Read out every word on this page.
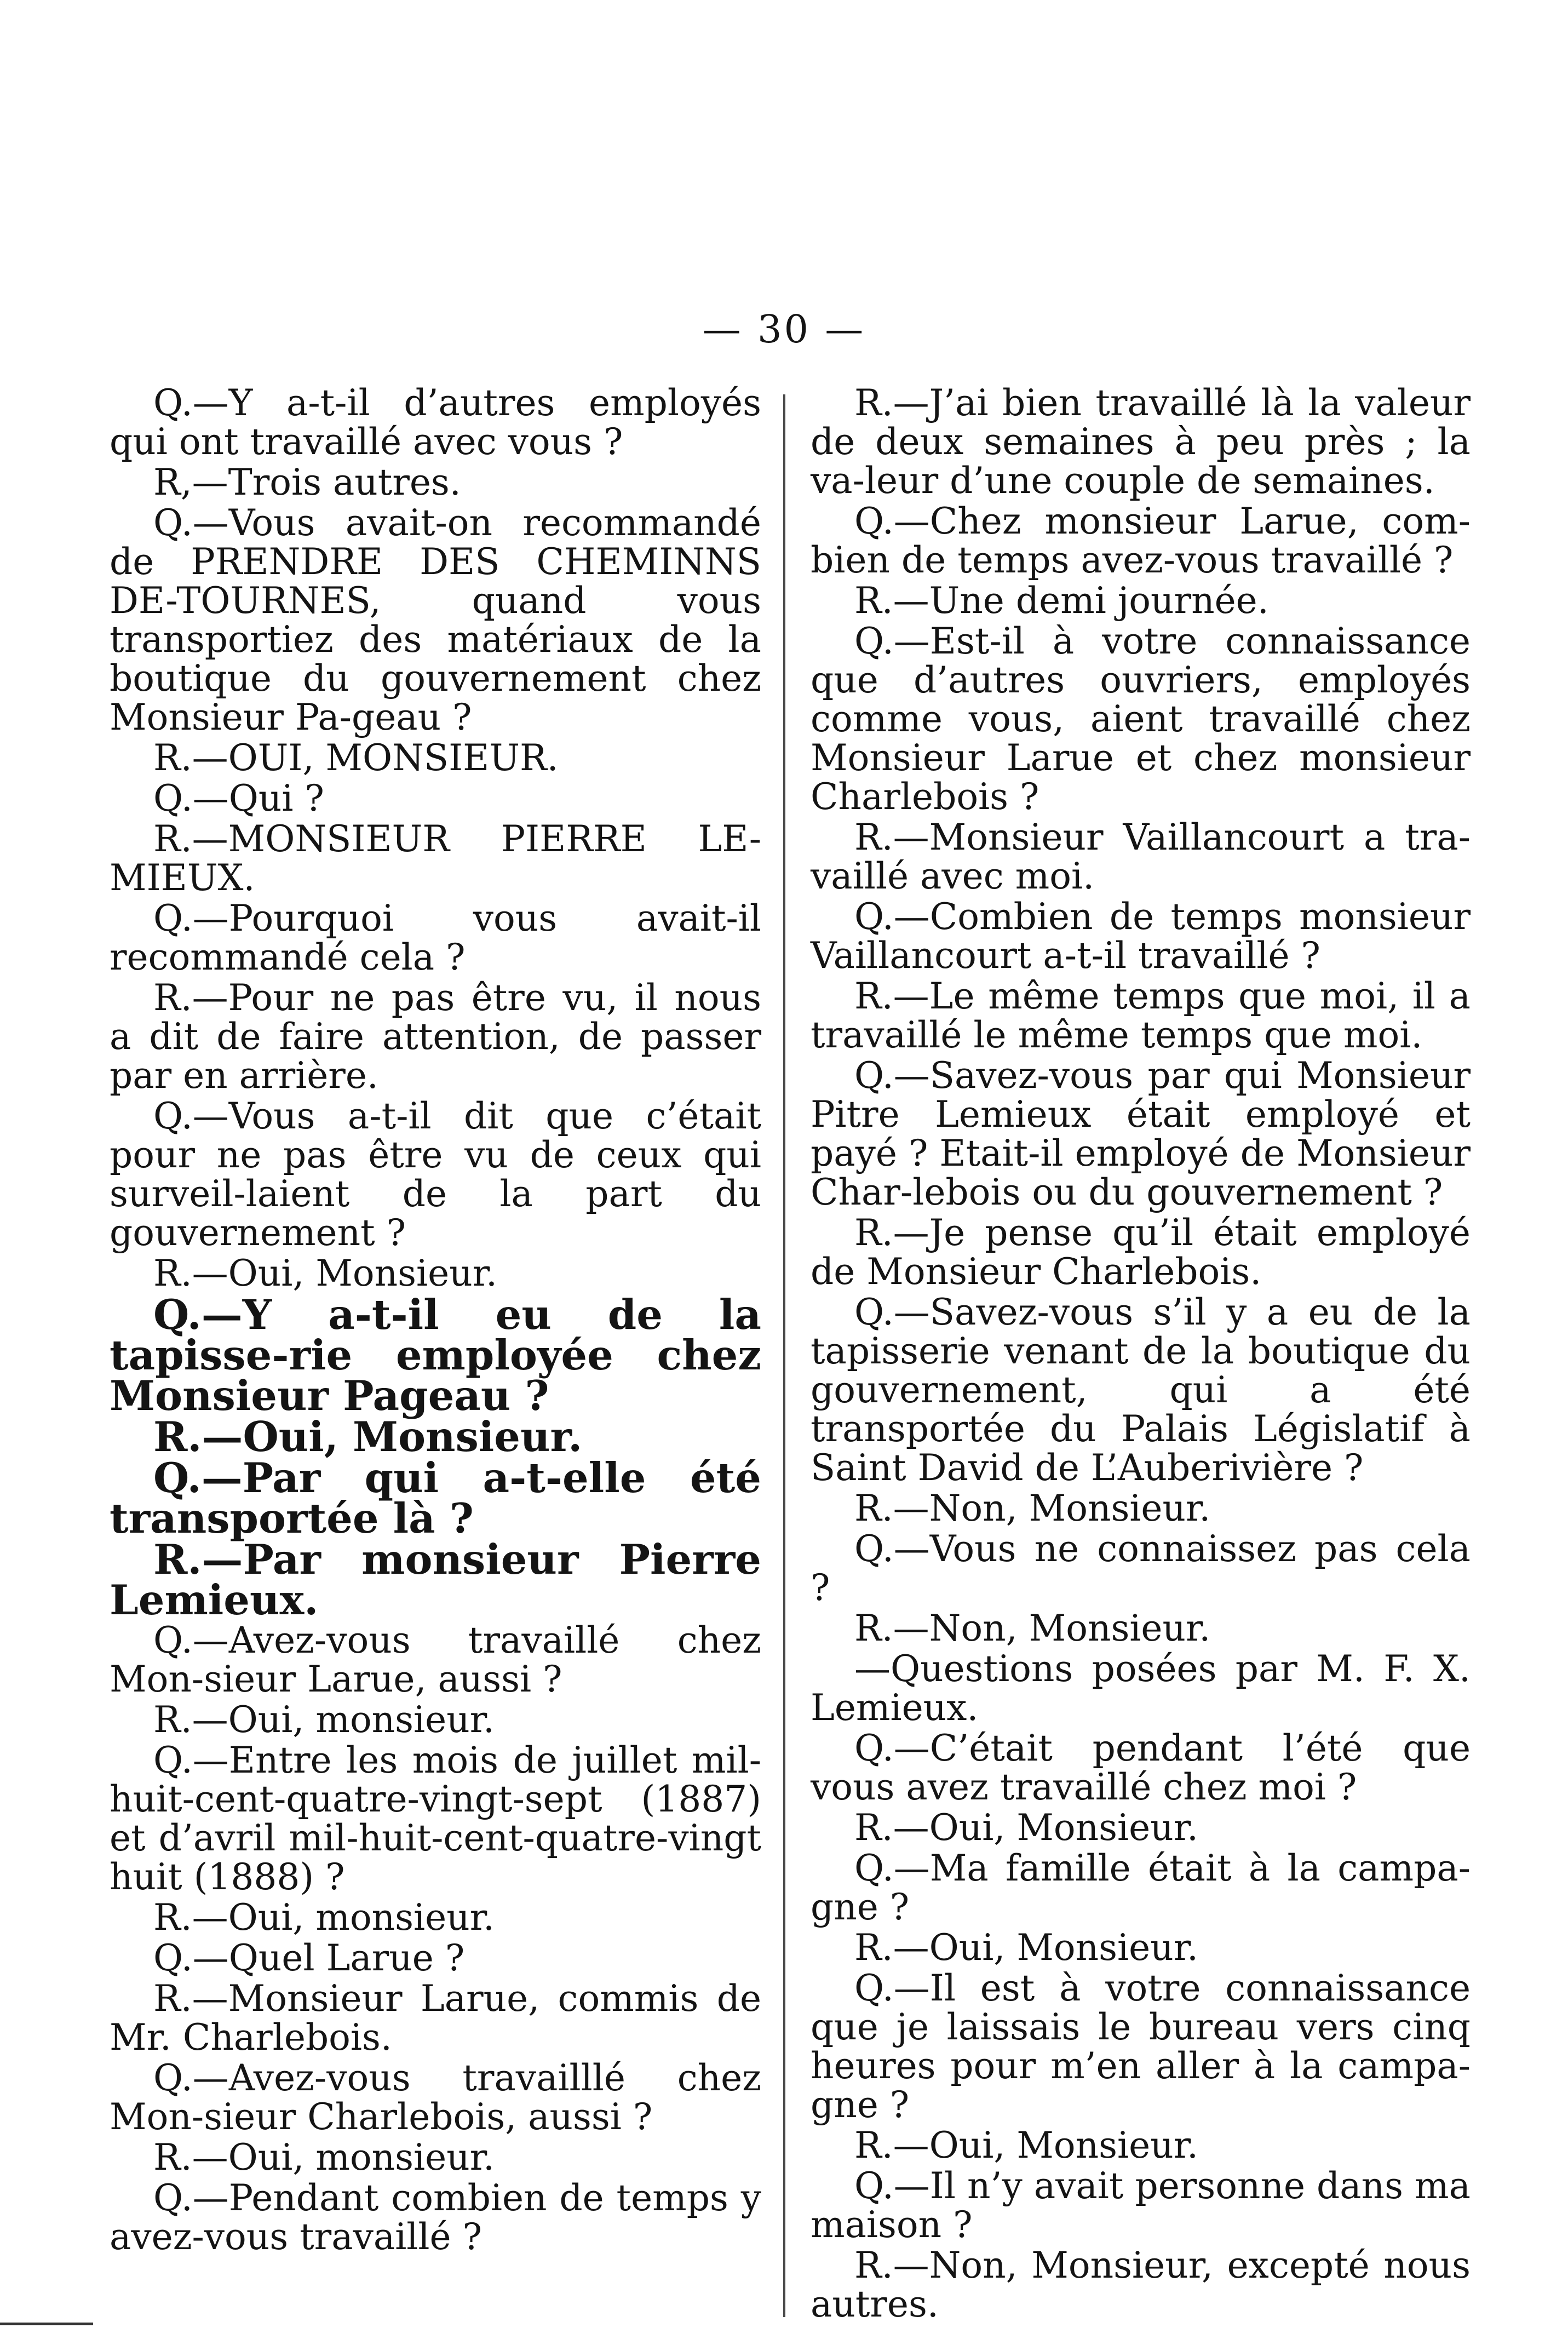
— 30 —

Q.—Y a-t-il d’autres employés qui ont travaillé avec vous ?

R,—Trois autres.

Q.—Vous avait-on recommandé de PRENDRE DES CHEMINNS DE-TOURNES, quand vous transportiez des matériaux de la boutique du gouvernement chez Monsieur Pa-geau ?

R.—OUI, MONSIEUR.

Q.—Qui ?

R.—MONSIEUR PIERRE LE-MIEUX.

Q.—Pourquoi vous avait-il recommandé cela ?

R.—Pour ne pas être vu, il nous a dit de faire attention, de passer par en arrière.

Q.—Vous a-t-il dit que c’était pour ne pas être vu de ceux qui surveil-laient de la part du gouvernement ?

R.—Oui, Monsieur.

Q.—Y a-t-il eu de la tapisse-rie employée chez Monsieur Pageau ?

R.—Oui, Monsieur.

Q.—Par qui a-t-elle été transportée là ?

R.—Par monsieur Pierre Lemieux.

Q.—Avez-vous travaillé chez Mon-sieur Larue, aussi ?

R.—Oui, monsieur.

Q.—Entre les mois de juillet mil-huit-cent-quatre-vingt-sept (1887) et d’avril mil-huit-cent-quatre-vingt huit (1888) ?

R.—Oui, monsieur.

Q.—Quel Larue ?

R.—Monsieur Larue, commis de Mr. Charlebois.

Q.—Avez-vous travailllé chez Mon-sieur Charlebois, aussi ?

R.—Oui, monsieur.

Q.—Pendant combien de temps y avez-vous travaillé ?

R.—J’ai bien travaillé là la valeur de deux semaines à peu près ; la va-leur d’une couple de semaines.

Q.—Chez monsieur Larue, com-bien de temps avez-vous travaillé ?

R.—Une demi journée.

Q.—Est-il à votre connaissance que d’autres ouvriers, employés comme vous, aient travaillé chez Monsieur Larue et chez monsieur Charlebois ?

R.—Monsieur Vaillancourt a tra-vaillé avec moi.

Q.—Combien de temps monsieur Vaillancourt a-t-il travaillé ?

R.—Le même temps que moi, il a travaillé le même temps que moi.

Q.—Savez-vous par qui Monsieur Pitre Lemieux était employé et payé ? Etait-il employé de Monsieur Char-lebois ou du gouvernement ?

R.—Je pense qu’il était employé de Monsieur Charlebois.

Q.—Savez-vous s’il y a eu de la tapisserie venant de la boutique du gouvernement, qui a été transportée du Palais Législatif à Saint David de L’Auberivière ?

R.—Non, Monsieur.

Q.—Vous ne connaissez pas cela ?

R.—Non, Monsieur.

—Questions posées par M. F. X. Lemieux.

Q.—C’était pendant l’été que vous avez travaillé chez moi ?

R.—Oui, Monsieur.

Q.—Ma famille était à la campa-gne ?

R.—Oui, Monsieur.

Q.—Il est à votre connaissance que je laissais le bureau vers cinq heures pour m’en aller à la campa-gne ?

R.—Oui, Monsieur.

Q.—Il n’y avait personne dans ma maison ?

R.—Non, Monsieur, excepté nous autres.
